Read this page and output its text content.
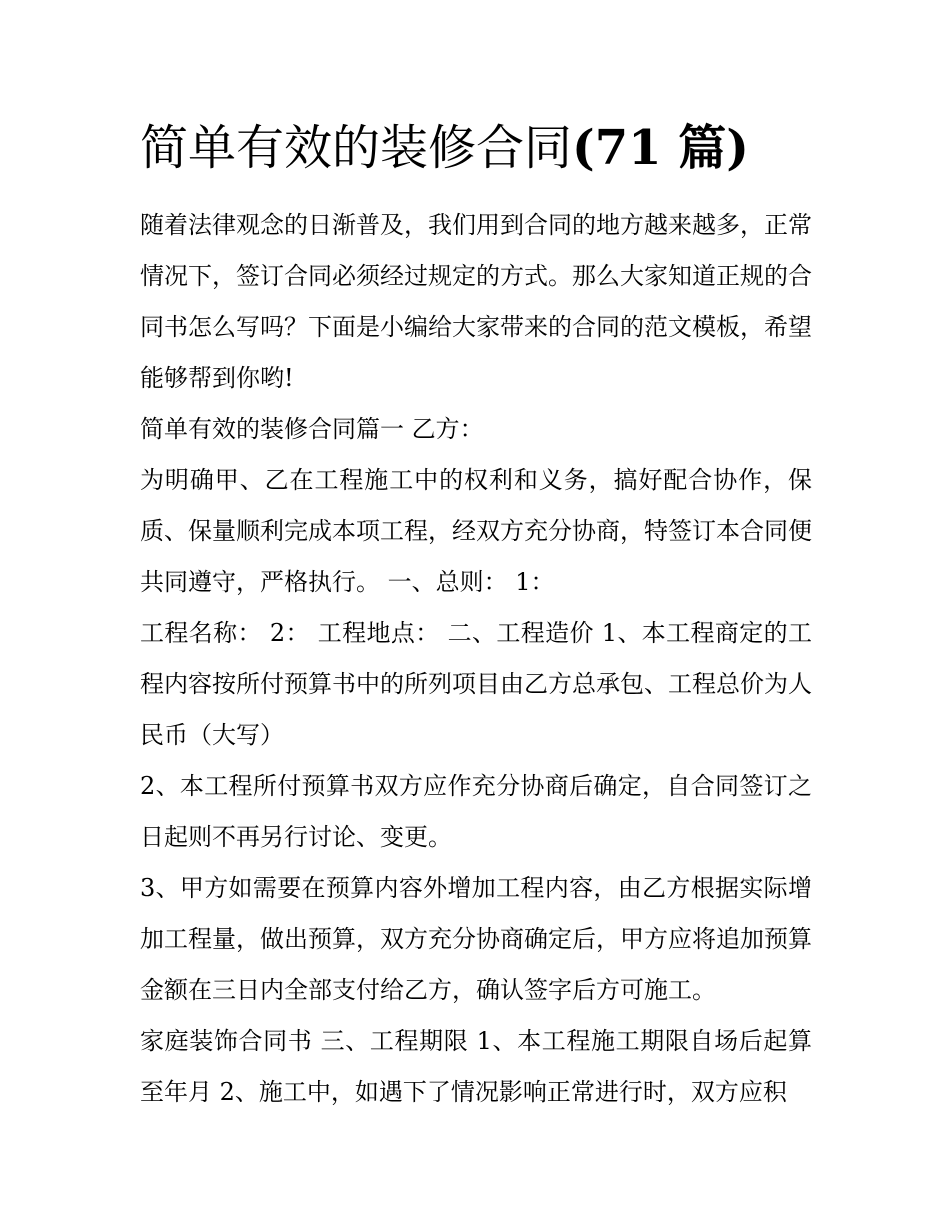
简单有效的装修合同(71 篇)

随着法律观念的日渐普及，我们用到合同的地方越来越多，正常情况下，签订合同必须经过规定的方式。那么大家知道正规的合同书怎么写吗？下面是小编给大家带来的合同的范文模板，希望能够帮到你哟!

简单有效的装修合同篇一 乙方：

为明确甲、乙在工程施工中的权利和义务，搞好配合协作，保质、保量顺利完成本项工程，经双方充分协商，特签订本合同便共同遵守，严格执行。 一、总则： 1：

工程名称： 2： 工程地点： 二、工程造价 1、本工程商定的工程内容按所付预算书中的所列项目由乙方总承包、工程总价为人民币（大写）

2、本工程所付预算书双方应作充分协商后确定，自合同签订之日起则不再另行讨论、变更。

3、甲方如需要在预算内容外增加工程内容，由乙方根据实际增加工程量，做出预算，双方充分协商确定后，甲方应将追加预算金额在三日内全部支付给乙方，确认签字后方可施工。

家庭装饰合同书 三、工程期限 1、本工程施工期限自场后起算至年月 2、施工中，如遇下了情况影响正常进行时，双方应积
